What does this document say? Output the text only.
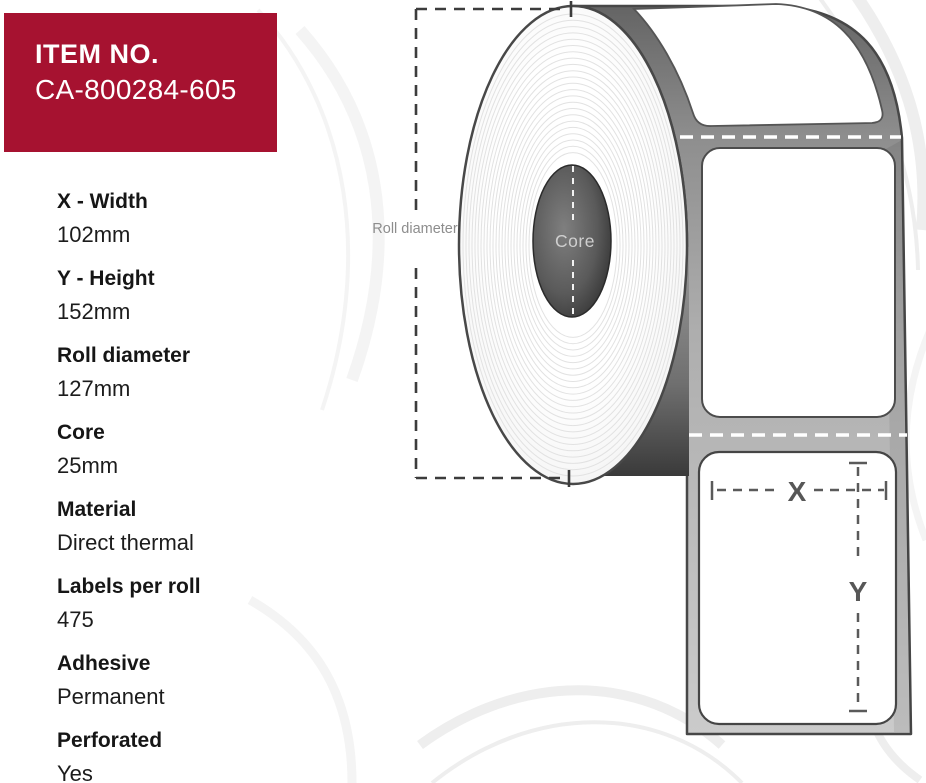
Core
X
Y
ITEM NO.
CA-800284-605

X - Width

102mm

Y - Height

152mm

Roll diameter

127mm

Core

25mm

Material

Direct thermal

Labels per roll

475

Adhesive

Permanent

Perforated

Yes

Roll diameter
